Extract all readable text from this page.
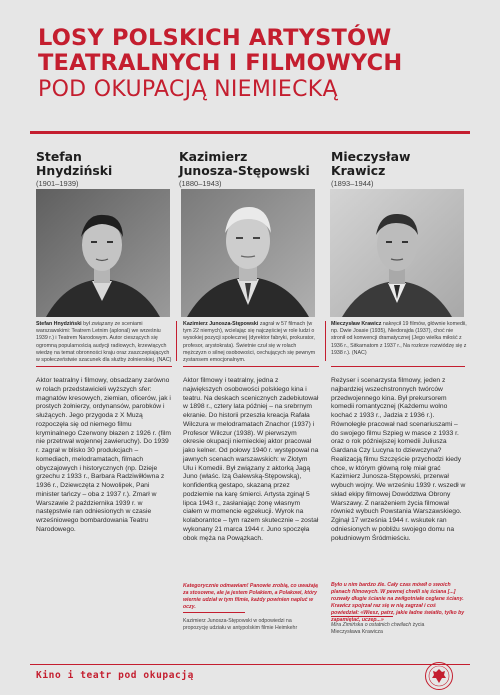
LOSY POLSKICH ARTYSTÓW
TEATRALNYCH I FILMOWYCH
POD OKUPACJĄ NIEMIECKĄ
Stefan
Hnydziński
(1901–1939)
Kazimierz
Junosza-Stępowski
(1880–1943)
Mieczysław
Krawicz
(1893–1944)
Stefan Hnydziński był związany ze sceniami warszawskimi: Teatrem Letnim (aplonal) we wrześniu 1939 r.) i Teatrem Narodowym. Autor cieszących się ogromną popularnością audycji radiowych, krzewiących wiedzę na temat obronności kraju oraz zaszczepiających w społeczeństwie szacunek dla służby żołnierskiej. (NAC)
Kazimierz Junosza-Stępowski zagrał w 57 filmach (w tym 22 niemych), wcielając się najczęściej w role ludzi o wysokiej pozycji społecznej (dyrektor fabryki, prokurator, profesor, arystokrata). Świetnie czuł się w rolach mężczyzn o silnej osobowości, cechujących się pewnym zystansem emocjonalnym.
Mieczysław Krawicz nakręcił 19 filmów, głównie komedii, np. Dwie Joasie (1935), Niedorajda (1937), choć nie stronił od konwencji dramatycznej (Jego wielka miłość z 1936 r., Sitkarnatom z 1937 r., Na rozkrze rozwiódzę się z 1938 r.). (NAC)
Aktor teatralny i filmowy, obsadzany zarówno w rolach przedstawicieli wyższych sfer: magnatów kresowych, ziemian, oficerów, jak i prostych żołnierzy, ordynansów, parobków i służących. Jego przygoda z X Muzą rozpoczęła się od niemego filmu kryminalnego Czerwony błazen z 1926 r. (film nie przetrwał wojennej zawieruchy). Do 1939 r. zagrał w blisko 30 produkcjach – komediach, melodramatach, filmach obyczajowych i historycznych (np. Dzieje grzechu z 1933 r., Barbara Radziwiłłówna z 1936 r., Dziewczęta z Nowolipek, Pani minister tańczy – oba z 1937 r.). Zmarł w Warszawie 2 października 1939 r. w następstwie ran odniesionych w czasie wrześniowego bombardowania Teatru Narodowego.
Aktor filmowy i teatralny, jedna z największych osobowości polskiego kina i teatru. Na deskach scenicznych zadebiutował w 1898 r., cztery lata później – na srebrnym ekranie. Do historii przeszła kreacja Rafała Wilczura w melodramatach Znachor (1937) i Profesor Wilczur (1938). W pierwszym okresie okupacji niemieckiej aktor pracował jako kelner. Od połowy 1940 r. występował na jawnych scenach warszawskich: w Złotym Ulu i Komedii. Był związany z aktorką Jagą Juno (właśc. Izą Galewską-Stępowską), konfidentką gestapo, skazaną przez podziemie na karę śmierci. Artysta zginął 5 lipca 1943 r., zasłaniając żonę własnym ciałem w momencie egzekucji. Wyrok na kolaborantce – tym razem skutecznie – został wykonany 21 marca 1944 r. Juno spoczęła obok męża na Powązkach.
Reżyser i scenarzysta filmowy, jeden z najbardziej wszechstronnych twórców przedwojennego kina. Był prekursorem komedii romantycznej (Każdemu wolno kochać z 1933 r., Jadzia z 1936 r.). Równolegle pracował nad scenariuszami – do swojego filmu Szpieg w masce z 1933 r. oraz o rok późniejszej komedii Juliusza Gardana Czy Lucyna to dziewczyna? Realizacją filmu Szczęście przychodzi kiedy chce, w którym główną rolę miał grać Kazimierz Junosza-Stępowski, przerwał wybuch wojny. We wrześniu 1939 r. wszedł w skład ekipy filmowej Dowództwa Obrony Warszawy. Z narażeniem życia filmował również wybuch Powstania Warszawskiego. Zginął 17 września 1944 r. wskutek ran odniesionych w pobliżu swojego domu na południowym Śródmieściu.
Kategorycznie odmawiam! Panowie zrobią, co uważają za stosowne, ale ja jestem Polakiem, a Polakowi, który wiernie udział w tym filmie, każdy powinien napluć w oczy.
Kazimierz Junosza-Stępowski w odpowiedzi na propozycję udziału w antypolskim filmie Heimkehr
Było u nim bardzo źle. Cały czas mówił o swoich planach filmowych. W pewnej chwili się ściana [...] rozwały długie ścianie na zwiłgotniałe ceglane ściany. Krawicz spojrzał raz się w nią zagrzał i coś powiedział: «Wiesz, patrz, jakie ładne światło, tylko by zapamiętać, uczep...»
Mira Zimińska o ostatnich chwilach życia Mieczysława Krawicza
Kino i teatr pod okupacją
